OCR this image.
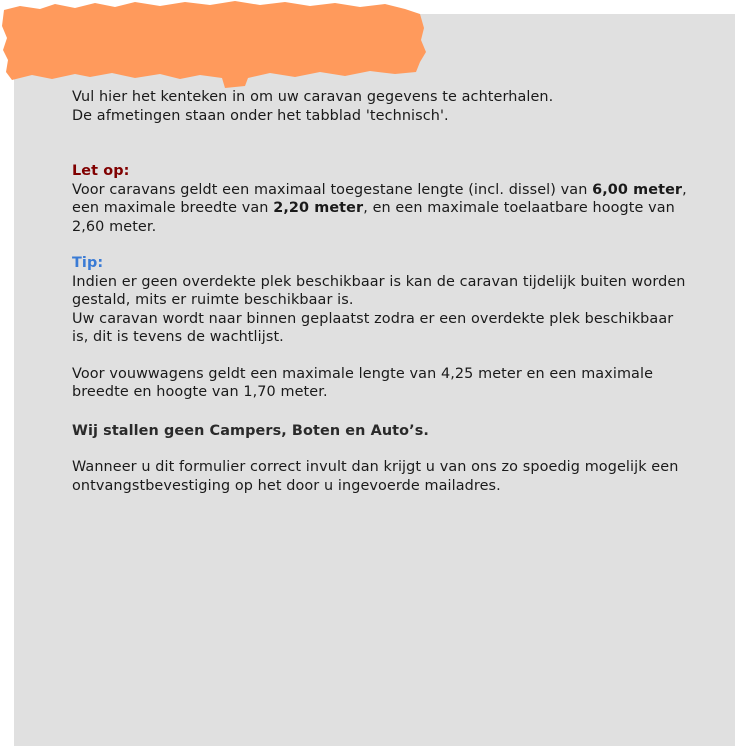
Vul hier het kenteken in om uw caravan gegevens te achterhalen.

De afmetingen staan onder het tabblad 'technisch'.

Let op:

Voor caravans geldt een maximaal toegestane lengte (incl. dissel) van 6,00 meter, een maximale breedte van 2,20 meter, en een maximale toelaatbare hoogte van 2,60 meter.

Tip:

Indien er geen overdekte plek beschikbaar is kan de caravan tijdelijk buiten worden gestald, mits er ruimte beschikbaar is.

Uw caravan wordt naar binnen geplaatst zodra er een overdekte plek beschikbaar is, dit is tevens de wachtlijst.

Voor vouwwagens geldt een maximale lengte van 4,25 meter en een maximale breedte en hoogte van 1,70 meter.

Wij stallen geen Campers, Boten en Auto’s.

Wanneer u dit formulier correct invult dan krijgt u van ons zo spoedig mogelijk een ontvangstbevestiging op het door u ingevoerde mailadres.
